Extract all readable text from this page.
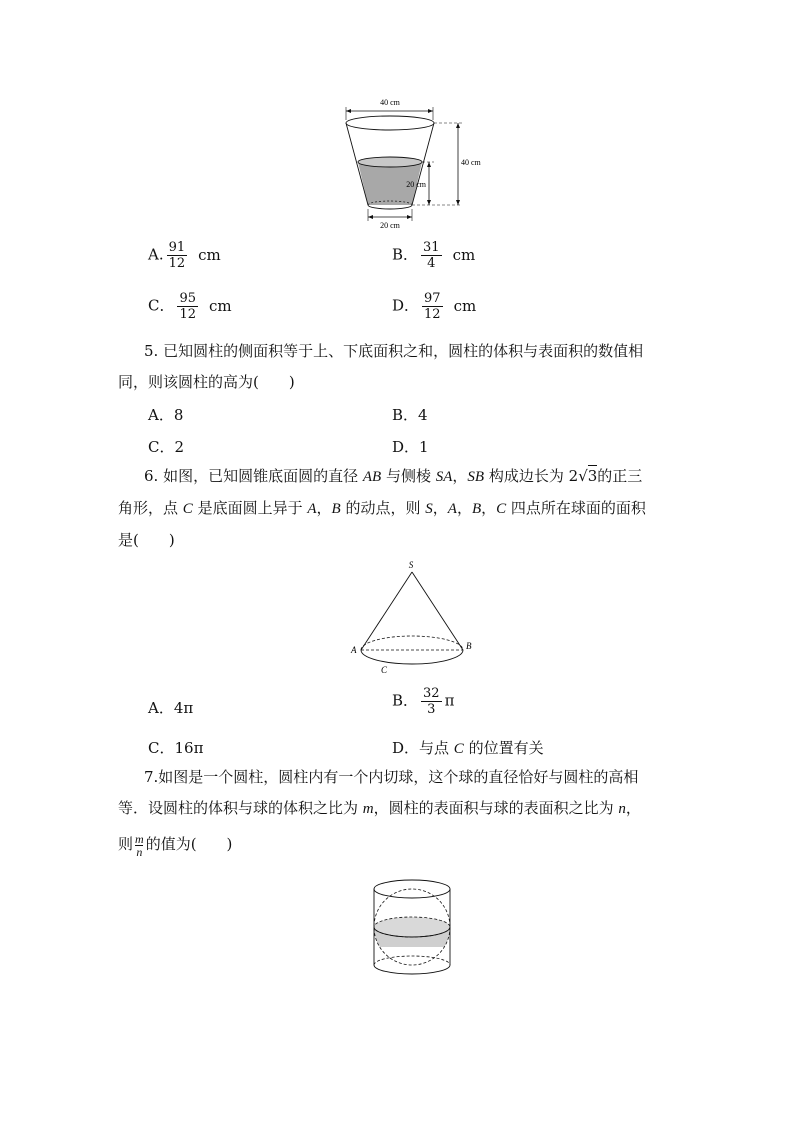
40 cm
40 cm
20 cm
20 cm
A. $\frac{91}{12}$ cm	B． $\frac{31}{4}$ cm
C． $\frac{95}{12}$ cm	D． $\frac{97}{12}$ cm
5. 已知圆柱的侧面积等于上、下底面积之和，圆柱的体积与表面积的数值相
同，则该圆柱的高为(　　)
A．8	B．4
C．2	D．1
6. 如图，已知圆锥底面圆的直径 AB 与侧棱 SA，SB 构成边长为 2√3的正三
角形，点 C 是底面圆上异于 A，B 的动点，则 S，A，B，C 四点所在球面的面积
是(　　)
S
A	B
C
A．4π	B． $\frac{32}{3}$ π
C．16π	D．与点 C 的位置有关
7.如图是一个圆柱，圆柱内有一个内切球，这个球的直径恰好与圆柱的高相
等．设圆柱的体积与球的体积之比为 m，圆柱的表面积与球的表面积之比为 n，
则 $\frac{m}{n}$ 的值为(　　)
